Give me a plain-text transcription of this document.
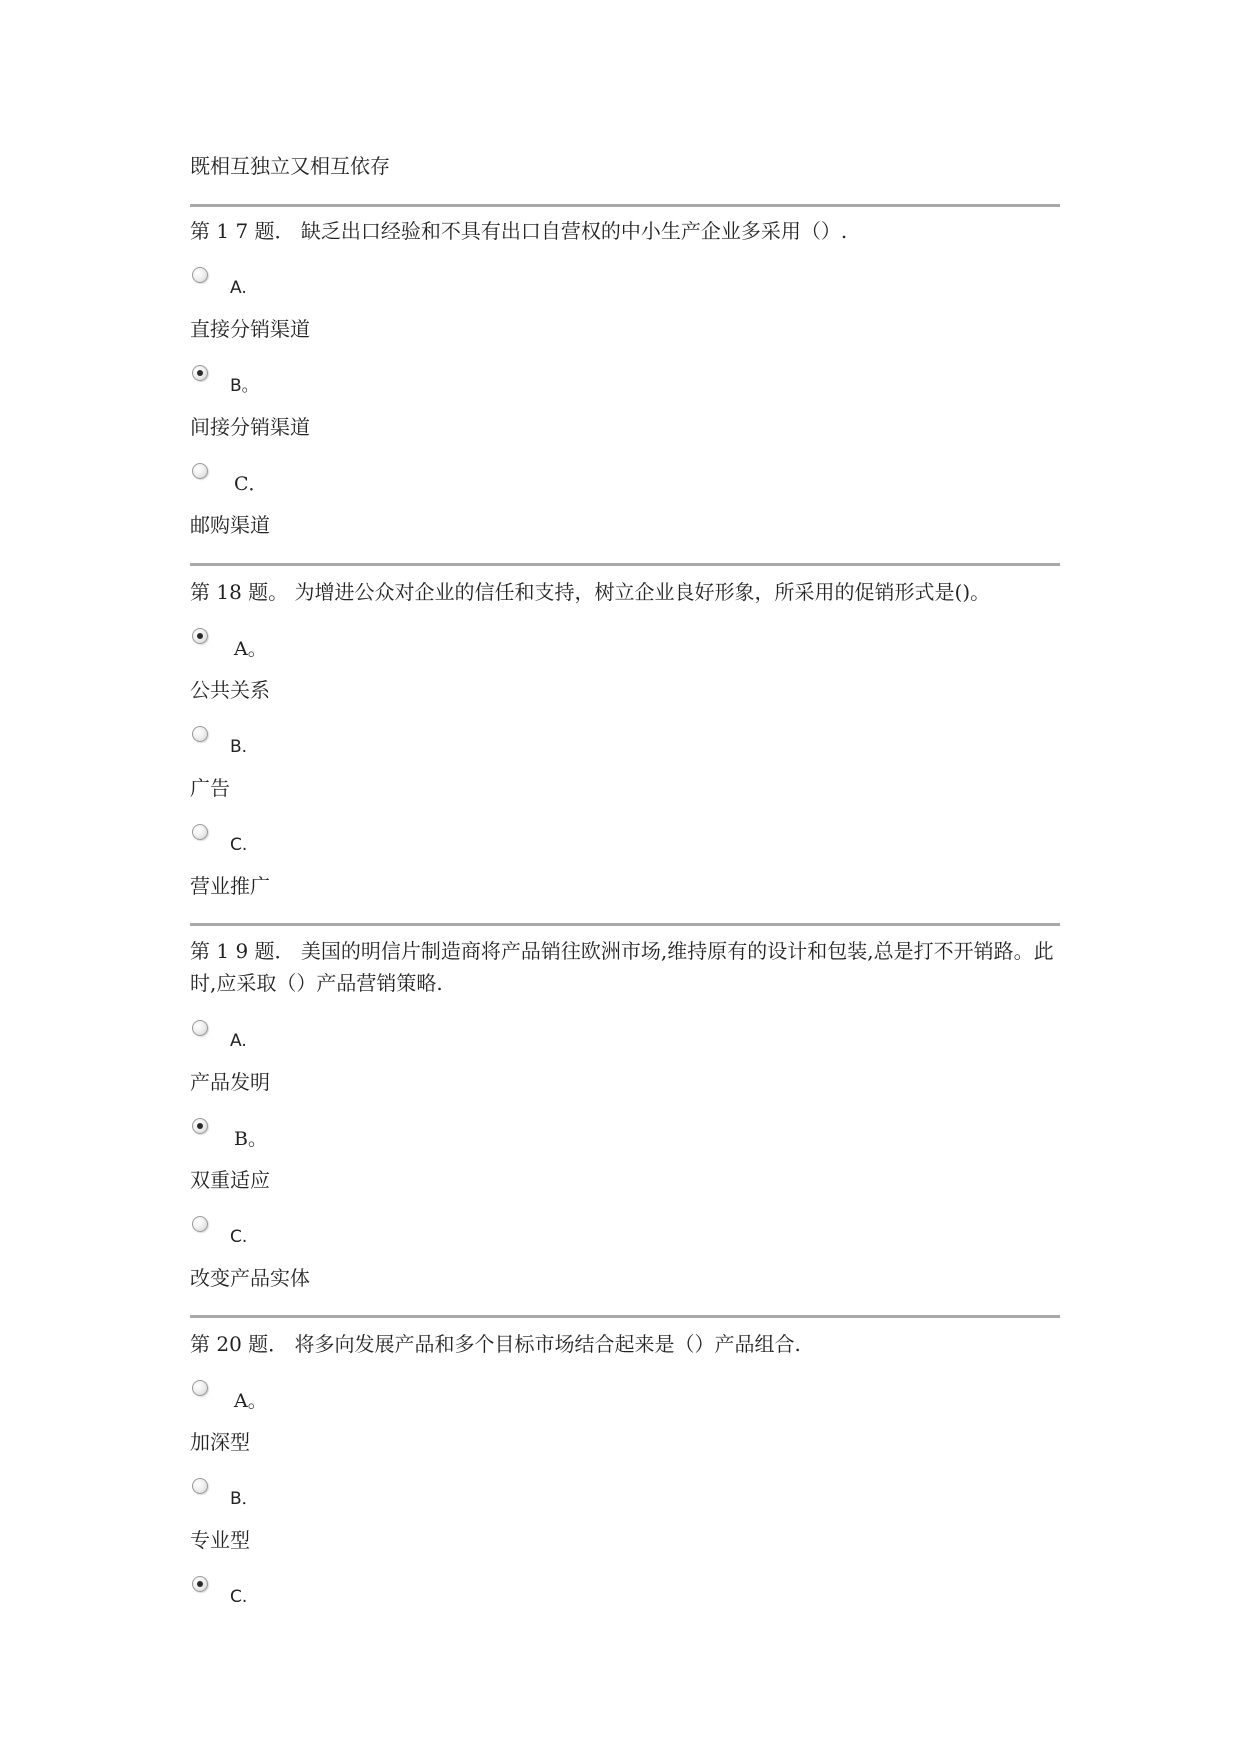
既相互独立又相互依存
第 1 7 题． 缺乏出口经验和不具有出口自营权的中小生产企业多采用（）.
A.
直接分销渠道
B。
间接分销渠道
C．
邮购渠道
第 18 题。 为增进公众对企业的信任和支持，树立企业良好形象，所采用的促销形式是()。
A。
公共关系
B.
广告
C.
营业推广
第 1 9 题． 美国的明信片制造商将产品销往欧洲市场,维持原有的设计和包装,总是打不开销路。此时,应采取（）产品营销策略.
A.
产品发明
B。
双重适应
C.
改变产品实体
第 20 题． 将多向发展产品和多个目标市场结合起来是（）产品组合.
A。
加深型
B．
专业型
C.
